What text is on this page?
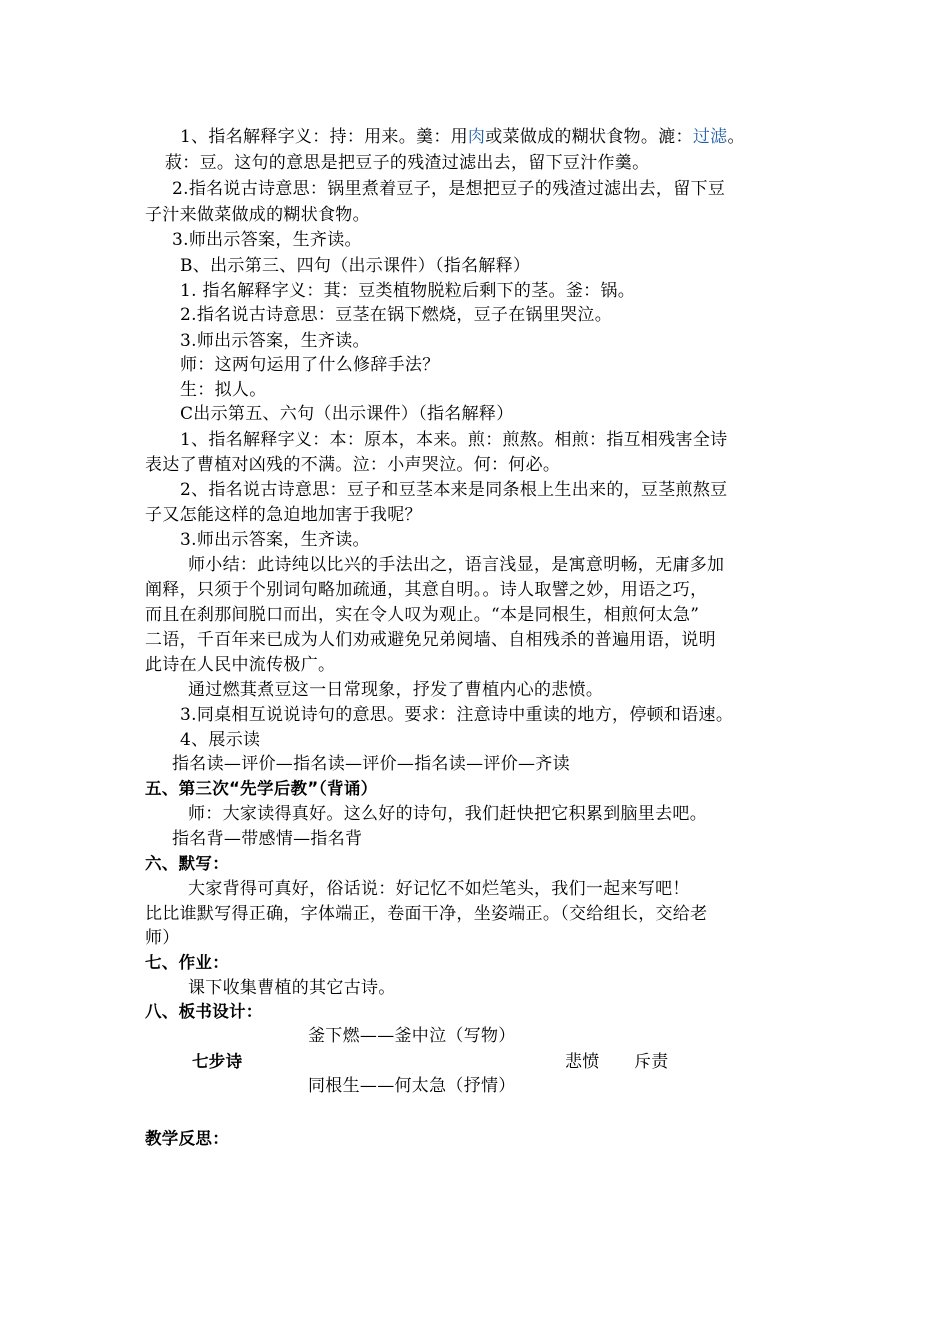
1、指名解释字义：持：用来。羹：用肉或菜做成的糊状食物。漉：过滤。
菽：豆。这句的意思是把豆子的残渣过滤出去，留下豆汁作羹。
2.指名说古诗意思：锅里煮着豆子，是想把豆子的残渣过滤出去，留下豆
子汁来做菜做成的糊状食物。
3.师出示答案，生齐读。
B、出示第三、四句（出示课件）（指名解释）
1. 指名解释字义：萁：豆类植物脱粒后剩下的茎。釜：锅。
2.指名说古诗意思：豆茎在锅下燃烧，豆子在锅里哭泣。
3.师出示答案，生齐读。
师：这两句运用了什么修辞手法？
生：拟人。
C出示第五、六句（出示课件）（指名解释）
1、指名解释字义：本：原本，本来。煎：煎熬。相煎：指互相残害全诗
表达了曹植对凶残的不满。泣：小声哭泣。何：何必。
2、指名说古诗意思：豆子和豆茎本来是同条根上生出来的，豆茎煎熬豆
子又怎能这样的急迫地加害于我呢？
3.师出示答案，生齐读。
师小结：此诗纯以比兴的手法出之，语言浅显，是寓意明畅，无庸多加
阐释，只须于个别词句略加疏通，其意自明。。诗人取譬之妙，用语之巧，
而且在刹那间脱口而出，实在令人叹为观止。“本是同根生，相煎何太急”
二语，千百年来已成为人们劝戒避免兄弟阋墙、自相残杀的普遍用语，说明
此诗在人民中流传极广。
通过燃萁煮豆这一日常现象，抒发了曹植内心的悲愤。
3.同桌相互说说诗句的意思。要求：注意诗中重读的地方，停顿和语速。
4、展示读
指名读—评价—指名读—评价—指名读—评价—齐读
五、第三次“先学后教”（背诵）
师：大家读得真好。这么好的诗句，我们赶快把它积累到脑里去吧。
指名背—带感情—指名背
六、默写：
大家背得可真好，俗话说：好记忆不如烂笔头，我们一起来写吧！
比比谁默写得正确，字体端正，卷面干净，坐姿端正。（交给组长，交给老
师）
七、作业：
课下收集曹植的其它古诗。
八、板书设计：
釜下燃——釜中泣（写物）
七步诗	悲愤 斥责
同根生——何太急（抒情）
教学反思：
